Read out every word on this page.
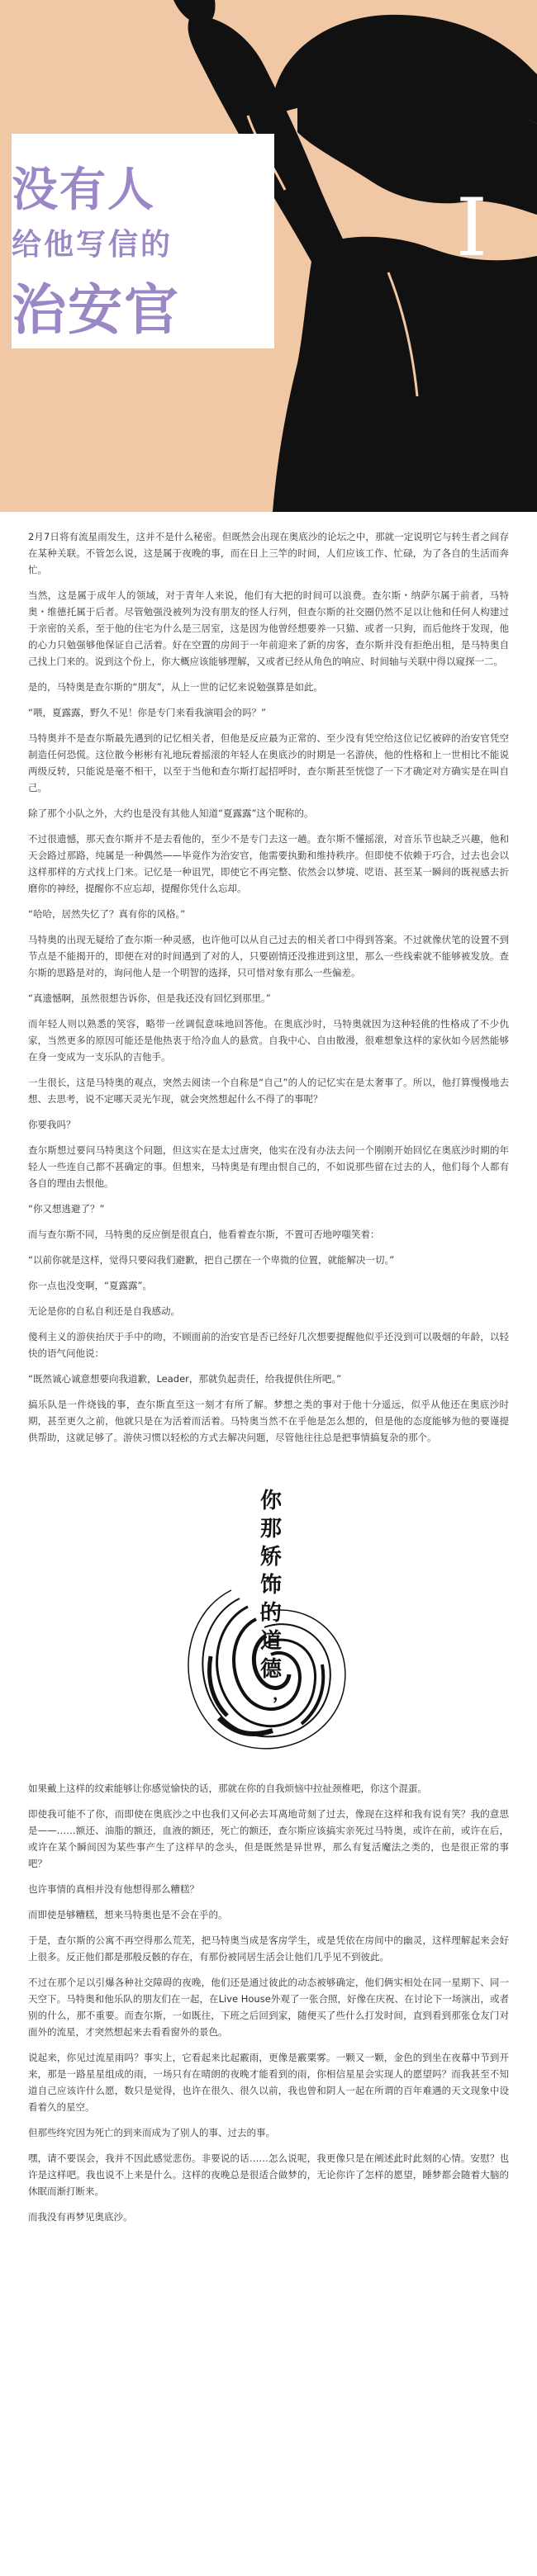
没有人
给他写信的
治安官
I

2月7日将有流星雨发生，这并不是什么秘密。但既然会出现在奥底沙的论坛之中，那就一定说明它与转生者之间存在某种关联。不管怎么说，这是属于夜晚的事，而在日上三竿的时间，人们应该工作、忙碌，为了各自的生活而奔忙。

当然，这是属于成年人的领域，对于青年人来说，他们有大把的时间可以浪费。查尔斯・纳萨尔属于前者，马特奥・维德托属于后者。尽管勉强没被列为没有朋友的怪人行列，但查尔斯的社交圈仍然不足以让他和任何人构建过于亲密的关系，至于他的住宅为什么是三居室，这是因为他曾经想要养一只猫、或者一只狗，而后他终于发现，他的心力只勉强够他保证自己活着。好在空置的房间于一年前迎来了新的房客，查尔斯并没有拒绝出租，是马特奥自己找上门来的。说到这个份上，你大概应该能够理解，又或者已经从角色的响应、时间轴与关联中得以窥探一二。

是的，马特奥是查尔斯的“朋友”，从上一世的记忆来说勉强算是如此。

“喂，夏露露，野久不见！你是专门来看我演唱会的吗？”

马特奥并不是查尔斯最先遇到的记忆相关者，但他是反应最为正常的、至少没有凭空给这位记忆被碎的治安官凭空制造任何恐慌。这位散今彬彬有礼地玩着摇滚的年轻人在奥底沙的时期是一名游侠，他的性格和上一世相比不能说两级反转，只能说是毫不相干，以至于当他和查尔斯打起招呼时，查尔斯甚至恍惚了一下才确定对方确实是在叫自己。

除了那个小队之外，大约也是没有其他人知道“夏露露”这个昵称的。

不过很遗憾，那天查尔斯并不是去看他的，至少不是专门去这一趟。查尔斯不懂摇滚，对音乐节也缺乏兴趣，他和天会路过那路，纯属是一种偶然——毕竟作为治安官，他需要执勤和维持秩序。但即使不依赖于巧合，过去也会以这样那样的方式找上门来。记忆是一种诅咒，即使它不再完整、依然会以梦境、呓语、甚至某一瞬间的既视感去折磨你的神经，提醒你不应忘却，提醒你凭什么忘却。

“哈哈，居然失忆了？真有你的风格。”

马特奥的出现无疑给了查尔斯一种灵感，也许他可以从自己过去的相关者口中得到答案。不过就像伏笔的设置不到节点是不能揭开的，即便在对的时间遇到了对的人，只要剧情还没推进到这里，那么一些线索就不能够被发放。查尔斯的思路是对的，询问他人是一个明智的选择，只可惜对象有那么一些偏差。

“真遗憾啊，虽然很想告诉你，但是我还没有回忆到那里。”

而年轻人则以熟悉的笑容，略带一丝调侃意味地回答他。在奥底沙时，马特奥就因为这种轻佻的性格成了不少仇家，当然更多的原因可能还是他热衷于给冷血人的悬赏。自我中心、自由散漫，很难想象这样的家伙如今居然能够在身一变成为一支乐队的吉他手。

一生很长，这是马特奥的观点，突然去阅读一个自称是“自己”的人的记忆实在是太奢事了。所以，他打算慢慢地去想、去思考，说不定哪天灵光乍现，就会突然想起什么不得了的事呢？

你要我吗？

查尔斯想过要问马特奥这个问题，但这实在是太过唐突，他实在没有办法去问一个刚刚开始回忆在奥底沙时期的年轻人一些连自己都不甚确定的事。但想来，马特奥是有理由恨自己的，不如说那些留在过去的人，他们每个人都有各自的理由去恨他。

“你又想逃避了？”

而与查尔斯不同，马特奥的反应倒是很直白，他看着查尔斯，不置可否地哼嗤笑着：

“以前你就是这样，觉得只要闷我们避歉，把自己摆在一个卑微的位置，就能解决一切。”

你一点也没变啊，“夏露露”。

无论是你的自私自利还是自我感动。

傻利主义的游侠抬厌于手中的吻，不顾面前的治安官是否已经好几次想要提醒他似乎还没到可以吸烟的年龄，以轻快的语气问他说：

“既然诚心诚意想要向我道歉，Leader，那就负起责任，给我提供住所吧。”

搞乐队是一件烧钱的事，查尔斯直至这一刻才有所了解。梦想之类的事对于他十分遥远，似乎从他还在奥底沙时期，甚至更久之前，他就只是在为活着而活着。马特奥当然不在乎他是怎么想的，但是他的态度能够为他的要谨提供帮助，这就足够了。游侠习惯以轻松的方式去解决问题，尽管他往往总是把事情搞复杂的那个。

你
那
矫
饰
的
道
德
，

如果戴上这样的纹索能够让你感觉愉快的话，那就在你的自我烦恼中拉扯颈椎吧，你这个混蛋。

即使我可能不了你，而即使在奥底沙之中也我们又何必去耳离地苛刻了过去，像现在这样和我有说有笑？我的意思是——……额还、油脂的额还，血液的额还，死亡的额还，查尔斯应该搞实亲死过马特奥，或许在前，或许在后，或许在某个瞬间因为某些事产生了这样早的念头，但是既然是异世界，那么有复活魔法之类的，也是很正常的事吧？

也许事情的真相并没有他想得那么糟糕？

而即使是够糟糕，想来马特奥也是不会在乎的。

于是，查尔斯的公寓不再空得那么荒芜，把马特奥当成是客房学生，或是凭依在房间中的幽灵，这样理解起来会好上很多。反正他们都是那般反骸的存在，有那份被同居生活会让他们几乎见不到彼此。

不过在那个足以引爆各种社交障碍的夜晚，他们还是通过彼此的动态被够确定，他们俩实相处在同一星期下、同一天空下。马特奥和他乐队的朋友们在一起，在Live House外观了一张合照，好像在庆祝、在讨论下一场演出，或者别的什么，那不重要。而查尔斯，一如既往，下班之后回到家，随便买了些什么打发时间，直到看到那张仓友门对面外的流星，才突然想起来去看看窗外的景色。

说起来，你见过流星雨吗？事实上，它看起来比起霰雨，更像是霰粟雾。一颗又一颗，金色的到坐在夜幕中节到开来，那是一路星星组成的雨，一场只有在晴朗的夜晚才能看到的雨，你相信星星会实现人的愿望吗？而我甚至不知道自己应该许什么愿，数只是觉得，也许在很久、很久以前，我也曾和阴人一起在所谓的百年难遇的天文现象中设看着久的星空。

但那些终究因为死亡的到来而成为了别人的事、过去的事。

嘿，请不要误会，我并不因此感觉悲伤。非要说的话……怎么说呢，我更像只是在阐述此时此刻的心情。安慰？也许是这样吧。我也说不上来是什么。这样的夜晚总是很适合做梦的，无论你许了怎样的愿望，睡梦都会随着大脑的休眠而渐打断来。

而我没有再梦见奥底沙。
